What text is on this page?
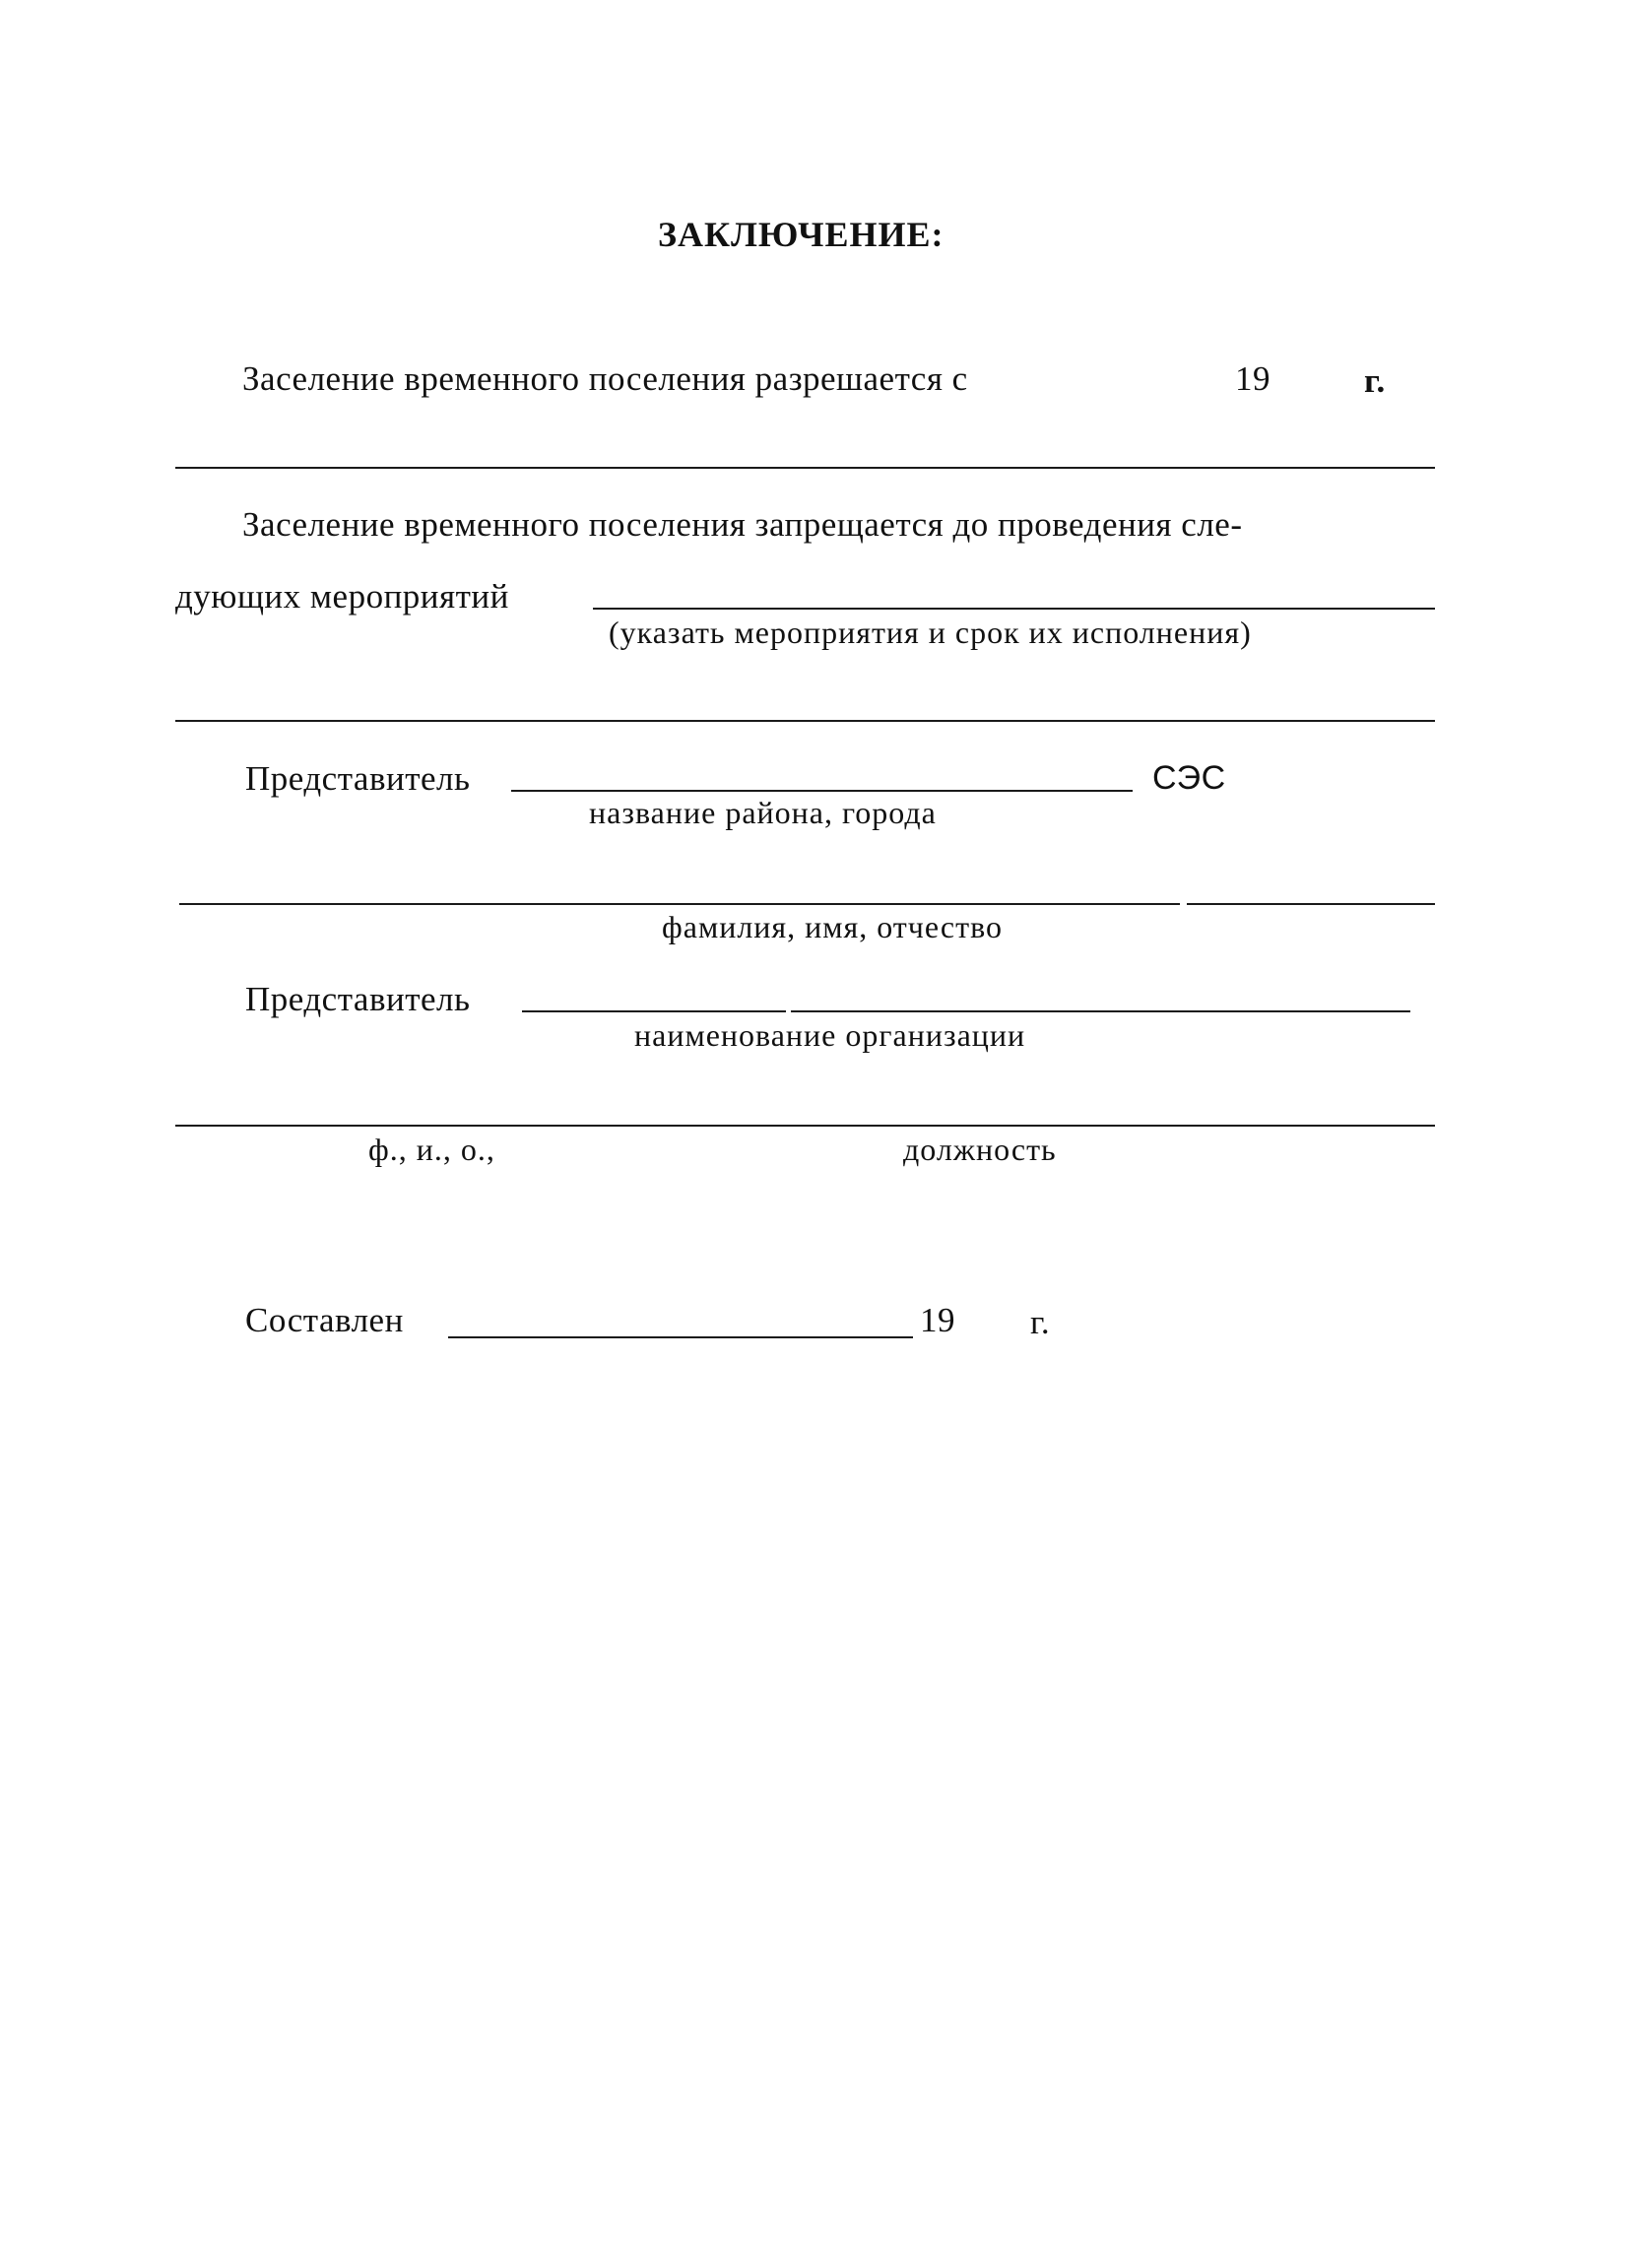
ЗАКЛЮЧЕНИЕ:
Заселение временного поселения разрешается с	19	г.
Заселение временного поселения запрещается до проведения сле-
дующих мероприятий
(указать мероприятия и срок их исполнения)
Представитель	СЭС
название района, города
фамилия, имя, отчество
Представитель
наименование организации
ф., и., о.,	должность
Составлен	19 г.
